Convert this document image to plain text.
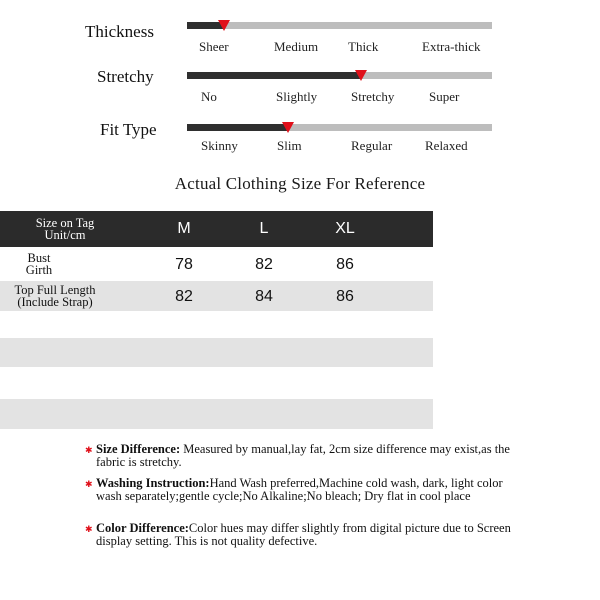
Thickness
Sheer	Medium Thick	Extra-thick
Stretchy
No	Slightly	Stretchy	Super
Fit Type
Skinny	Slim	Regular	Relaxed
Actual Clothing Size For Reference
Size on Tag
Unit/cm	M	L	XL
Bust
Girth	78	82	86
Top Full Length
(Include Strap)	82	84	86
✱ Size Difference: Measured by manual,lay fat, 2cm size difference may exist,as the fabric is stretchy.
✱ Washing Instruction:Hand Wash preferred,Machine cold wash, dark, light color wash separately;gentle cycle;No Alkaline;No bleach; Dry flat in cool place
✱ Color Difference:Color hues may differ slightly from digital picture due to Screen display setting. This is not quality defective.
